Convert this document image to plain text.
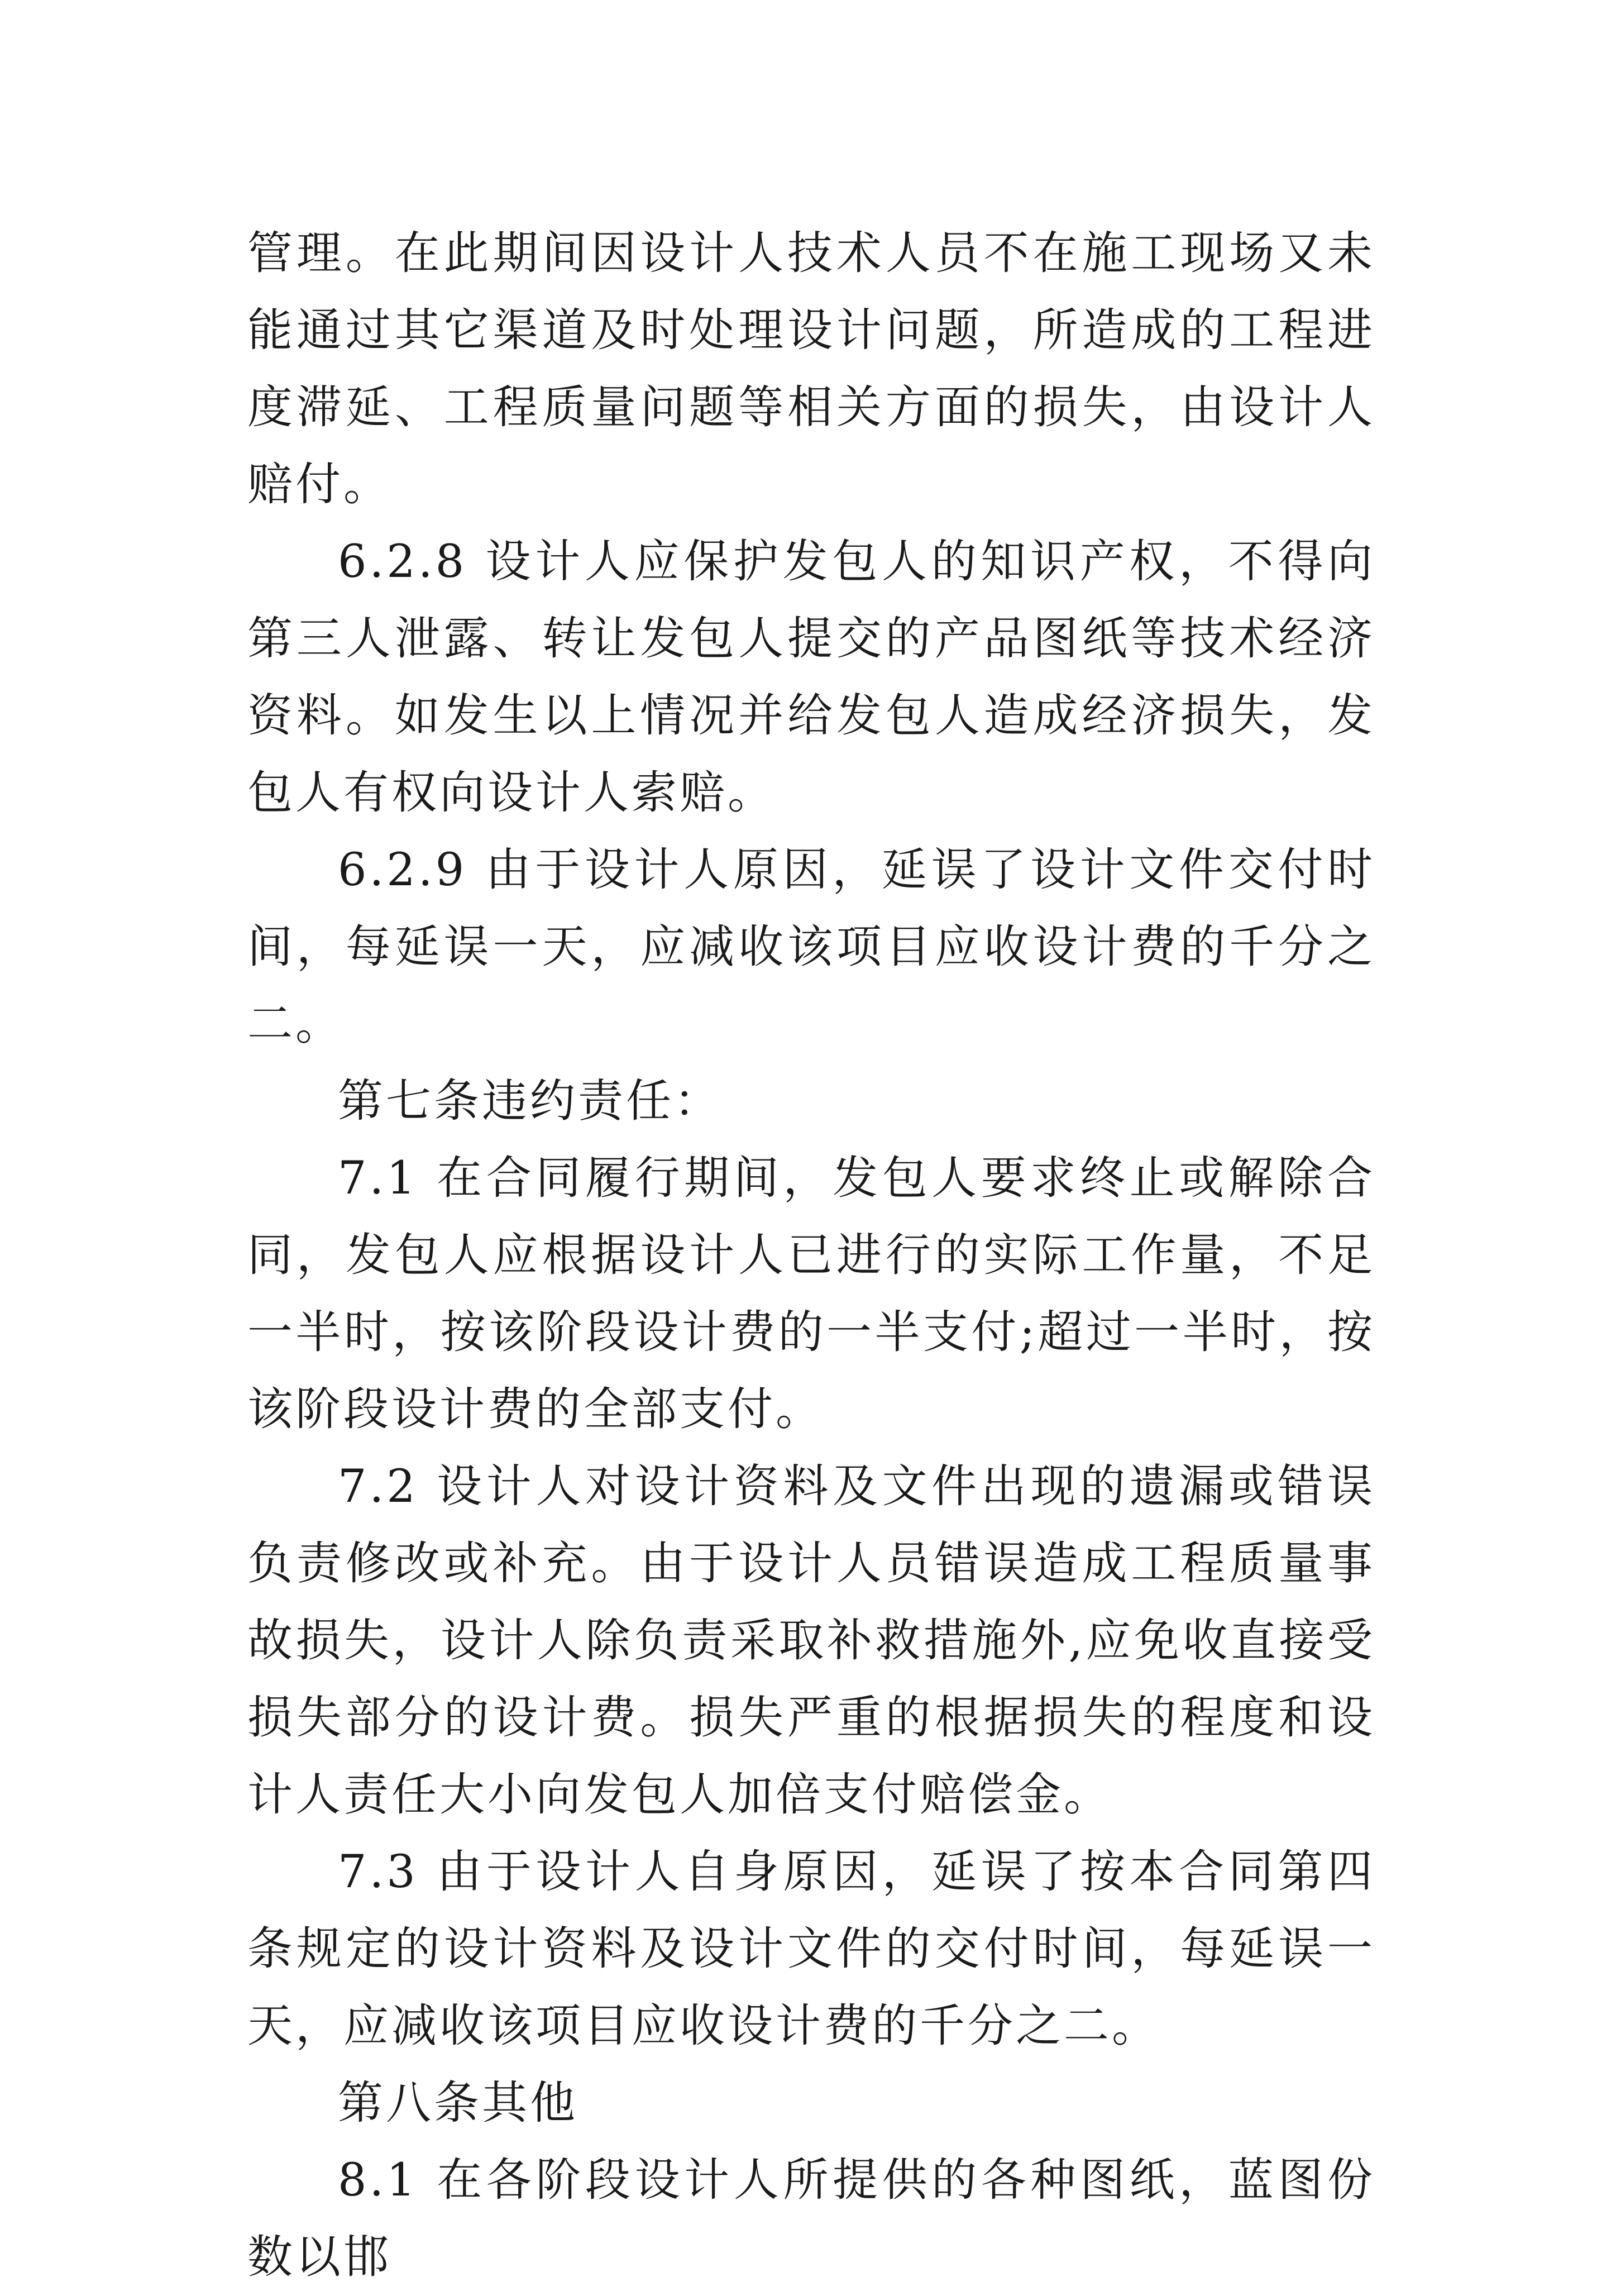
管理。在此期间因设计人技术人员不在施工现场又未能通过其它渠道及时处理设计问题，所造成的工程进度滞延、工程质量问题等相关方面的损失，由设计人赔付。

6.2.8 设计人应保护发包人的知识产权，不得向第三人泄露、转让发包人提交的产品图纸等技术经济资料。如发生以上情况并给发包人造成经济损失，发包人有权向设计人索赔。

6.2.9 由于设计人原因，延误了设计文件交付时间，每延误一天，应减收该项目应收设计费的千分之二。

第七条违约责任：

7.1 在合同履行期间，发包人要求终止或解除合同，发包人应根据设计人已进行的实际工作量，不足一半时，按该阶段设计费的一半支付;超过一半时，按该阶段设计费的全部支付。

7.2 设计人对设计资料及文件出现的遗漏或错误负责修改或补充。由于设计人员错误造成工程质量事故损失，设计人除负责采取补救措施外,应免收直接受损失部分的设计费。损失严重的根据损失的程度和设计人责任大小向发包人加倍支付赔偿金。

7.3 由于设计人自身原因，延误了按本合同第四条规定的设计资料及设计文件的交付时间，每延误一天，应减收该项目应收设计费的千分之二。

第八条其他

8.1 在各阶段设计人所提供的各种图纸，蓝图份数以邯
